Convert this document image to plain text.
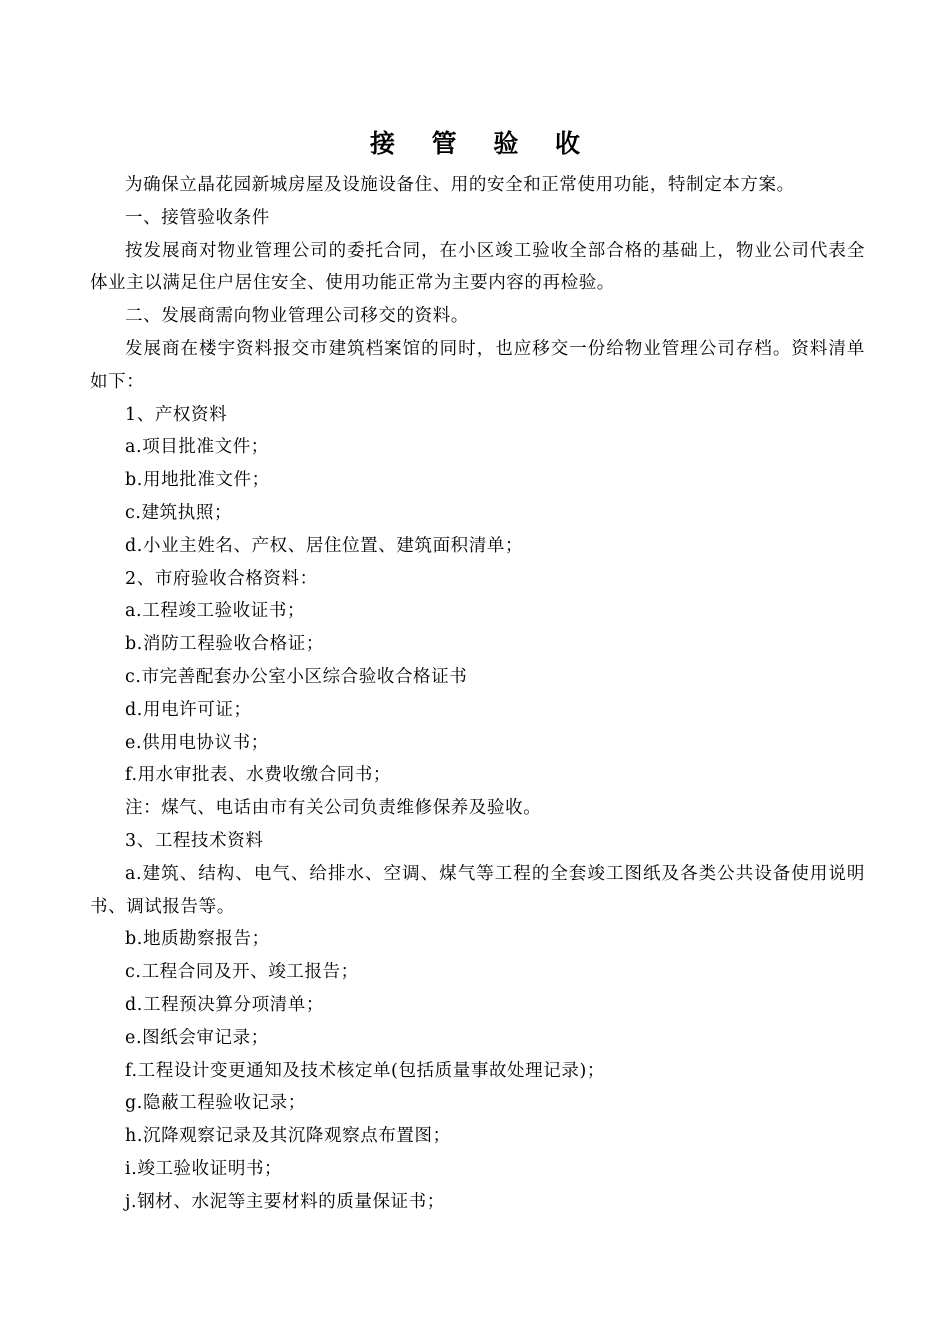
接 管 验 收

为确保立晶花园新城房屋及设施设备住、用的安全和正常使用功能，特制定本方案。

一、接管验收条件

按发展商对物业管理公司的委托合同，在小区竣工验收全部合格的基础上，物业公司代表全体业主以满足住户居住安全、使用功能正常为主要内容的再检验。

二、发展商需向物业管理公司移交的资料。

发展商在楼宇资料报交市建筑档案馆的同时，也应移交一份给物业管理公司存档。资料清单如下：

1、产权资料

a.项目批准文件；

b.用地批准文件；

c.建筑执照；

d.小业主姓名、产权、居住位置、建筑面积清单；

2、市府验收合格资料：

a.工程竣工验收证书；

b.消防工程验收合格证；

c.市完善配套办公室小区综合验收合格证书

d.用电许可证；

e.供用电协议书；

f.用水审批表、水费收缴合同书；

注：煤气、电话由市有关公司负责维修保养及验收。

3、工程技术资料

a.建筑、结构、电气、给排水、空调、煤气等工程的全套竣工图纸及各类公共设备使用说明书、调试报告等。

b.地质勘察报告；

c.工程合同及开、竣工报告；

d.工程预决算分项清单；

e.图纸会审记录；

f.工程设计变更通知及技术核定单(包括质量事故处理记录)；

g.隐蔽工程验收记录；

h.沉降观察记录及其沉降观察点布置图；

i.竣工验收证明书；

j.钢材、水泥等主要材料的质量保证书；
